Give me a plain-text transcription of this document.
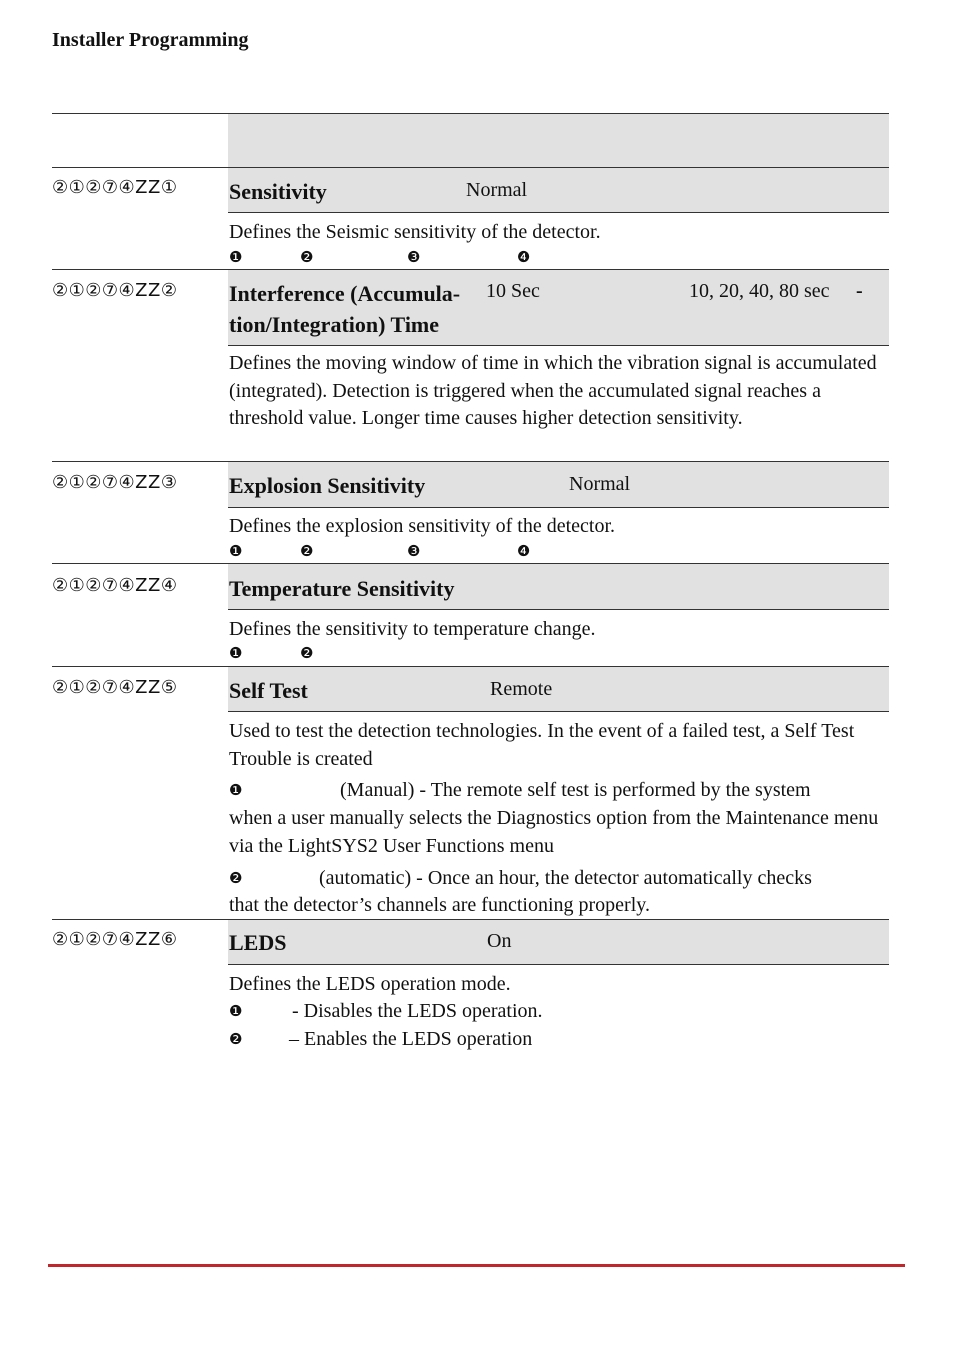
Installer Programming
②①②⑦④ZZ① Sensitivity	Normal
Defines the Seismic sensitivity of the detector.
❶	❷	❸	❹
②①②⑦④ZZ② Interference (Accumula-
tion/Integration) Time
10 Sec	10, 20, 40, 80 sec -
Defines the moving window of time in which the vibration signal is accumulated (integrated). Detection is triggered when the accumulated signal reaches a threshold value. Longer time causes higher detection sensitivity.
②①②⑦④ZZ③ Explosion Sensitivity	Normal
Defines the explosion sensitivity of the detector.
❶	❷	❸	❹
②①②⑦④ZZ④ Temperature Sensitivity
Defines the sensitivity to temperature change.
❶	❷
②①②⑦④ZZ⑤ Self Test	Remote
Used to test the detection technologies. In the event of a failed test, a Self Test Trouble is created
❶	(Manual) - The remote self test is performed by the system
when a user manually selects the Diagnostics option from the Maintenance menu via the LightSYS2 User Functions menu
❷	(automatic) - Once an hour, the detector automatically checks
that the detector’s channels are functioning properly.
②①②⑦④ZZ⑥ LEDS	On
Defines the LEDS operation mode.
❶ - Disables the LEDS operation.
❷ – Enables the LEDS operation
